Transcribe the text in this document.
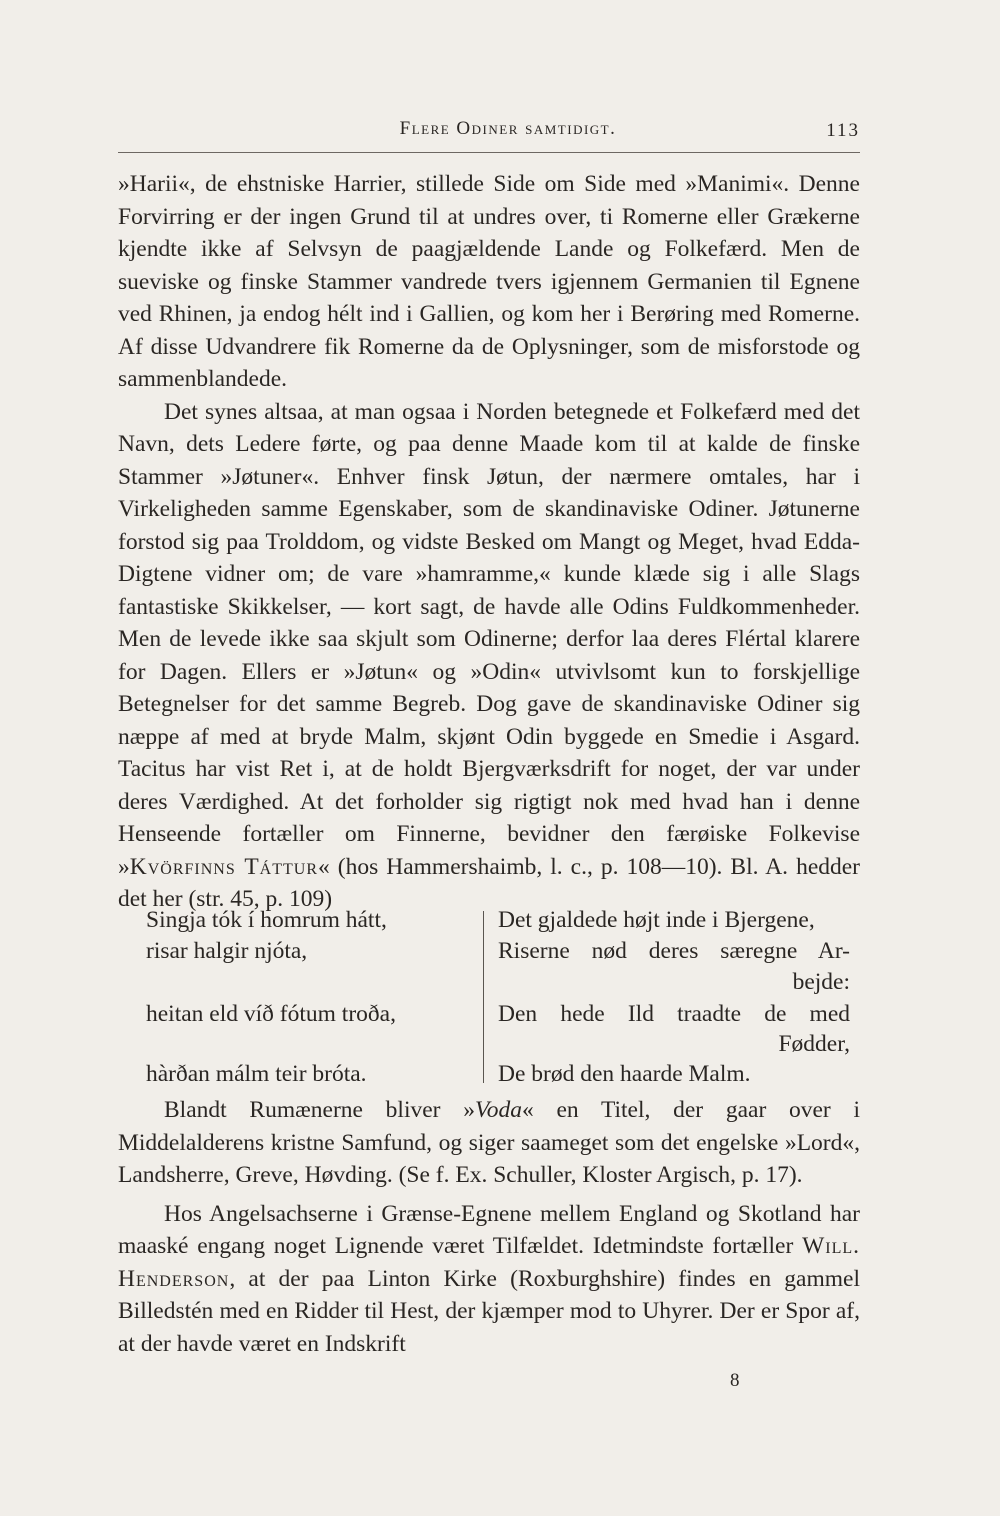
Flere Odiner samtidigt.	113

»Harii«, de ehstniske Harrier, stillede Side om Side med »Manimi«. Denne Forvirring er der ingen Grund til at undres over, ti Romerne eller Grækerne kjendte ikke af Selvsyn de paagjældende Lande og Folkefærd. Men de sueviske og finske Stammer vandrede tvers igjennem Germanien til Egnene ved Rhinen, ja endog hélt ind i Gallien, og kom her i Berøring med Romerne. Af disse Udvandrere fik Romerne da de Oplysninger, som de misforstode og sammenblandede.

Det synes altsaa, at man ogsaa i Norden betegnede et Folkefærd med det Navn, dets Ledere førte, og paa denne Maade kom til at kalde de finske Stammer »Jøtuner«. Enhver finsk Jøtun, der nærmere omtales, har i Virkeligheden samme Egenskaber, som de skandinaviske Odiner. Jøtunerne forstod sig paa Trolddom, og vidste Besked om Mangt og Meget, hvad Edda-Digtene vidner om; de vare »hamramme,« kunde klæde sig i alle Slags fantastiske Skikkelser, — kort sagt, de havde alle Odins Fuldkommenheder. Men de levede ikke saa skjult som Odinerne; derfor laa deres Flértal klarere for Dagen. Ellers er »Jøtun« og »Odin« utvivlsomt kun to forskjellige Betegnelser for det samme Begreb. Dog gave de skandinaviske Odiner sig næppe af med at bryde Malm, skjønt Odin byggede en Smedie i Asgard. Tacitus har vist Ret i, at de holdt Bjergværksdrift for noget, der var under deres Værdighed. At det forholder sig rigtigt nok med hvad han i denne Henseende fortæller om Finnerne, bevidner den færøiske Folkevise »Kvörfinns Táttur« (hos Hammershaimb, l. c., p. 108—10). Bl. A. hedder det her (str. 45, p. 109)

Singja tók í homrum hátt,
risar halgir njóta,
heitan eld víð fótum troða,
hàrðan málm teir bróta.
Det gjaldede højt inde i Bjergene,
Riserne nød deres særegne Ar-
bejde:
Den hede Ild traadte de med
Fødder,
De brød den haarde Malm.

Blandt Rumænerne bliver »Voda« en Titel, der gaar over i Middelalderens kristne Samfund, og siger saameget som det engelske »Lord«, Landsherre, Greve, Høvding. (Se f. Ex. Schuller, Kloster Argisch, p. 17).

Hos Angelsachserne i Grænse-Egnene mellem England og Skotland har maaské engang noget Lignende været Tilfældet. Idetmindste fortæller Will. Henderson, at der paa Linton Kirke (Roxburghshire) findes en gammel Billedstén med en Ridder til Hest, der kjæmper mod to Uhyrer. Der er Spor af, at der havde været en Indskrift

8
